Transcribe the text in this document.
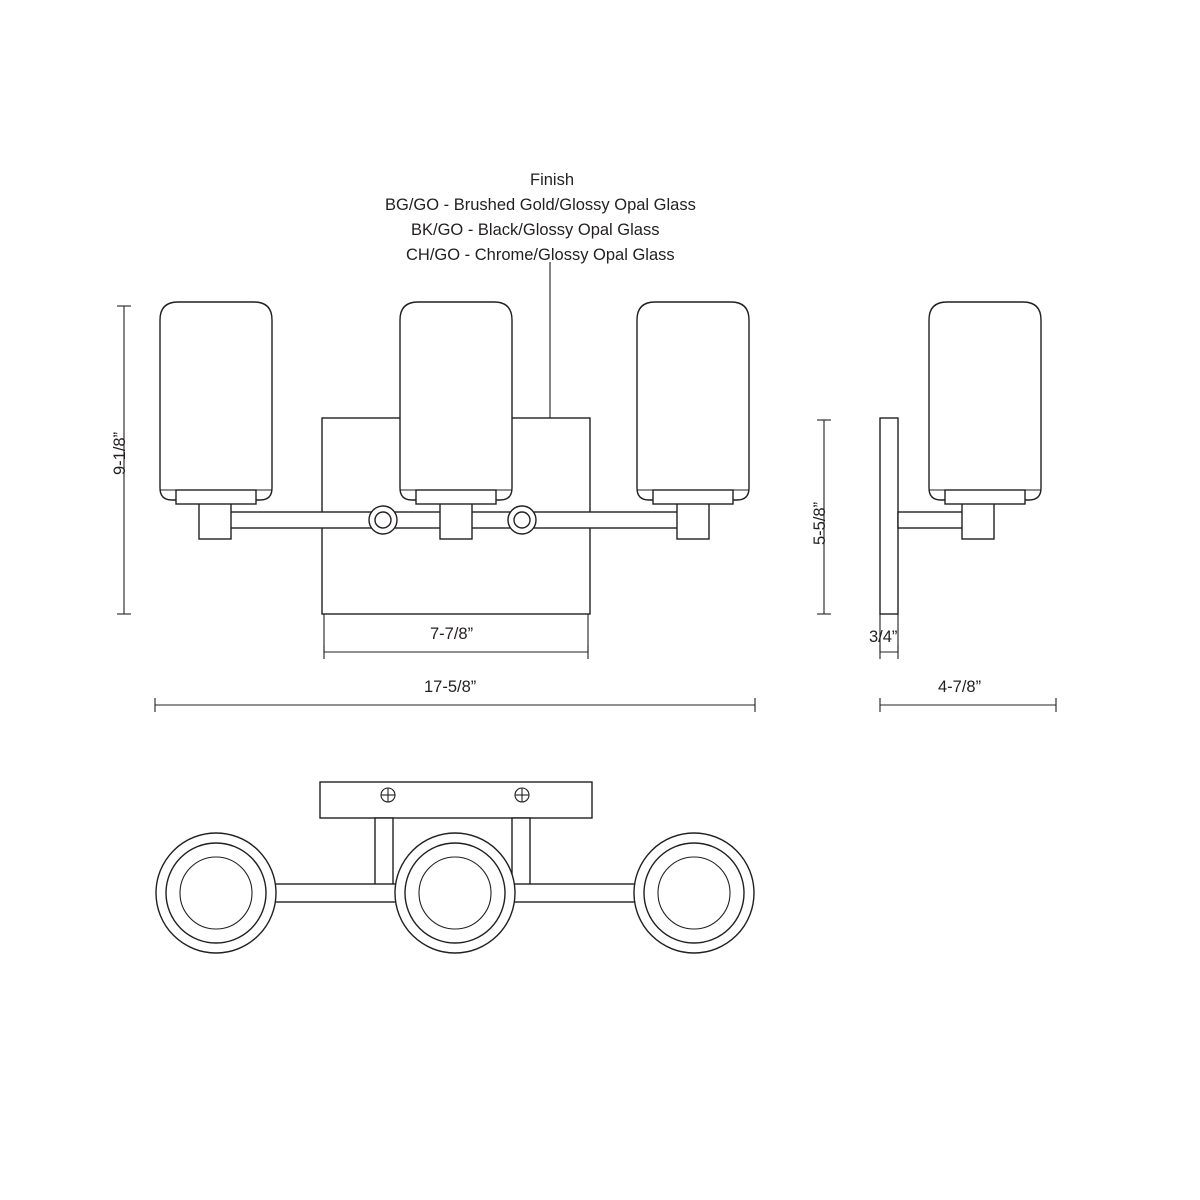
Finish
BG/GO - Brushed Gold/Glossy Opal Glass
BK/GO - Black/Glossy Opal Glass
CH/GO - Chrome/Glossy Opal Glass
9-1/8”
7-7/8”
17-5/8”
5-5/8”
3/4”
4-7/8”
